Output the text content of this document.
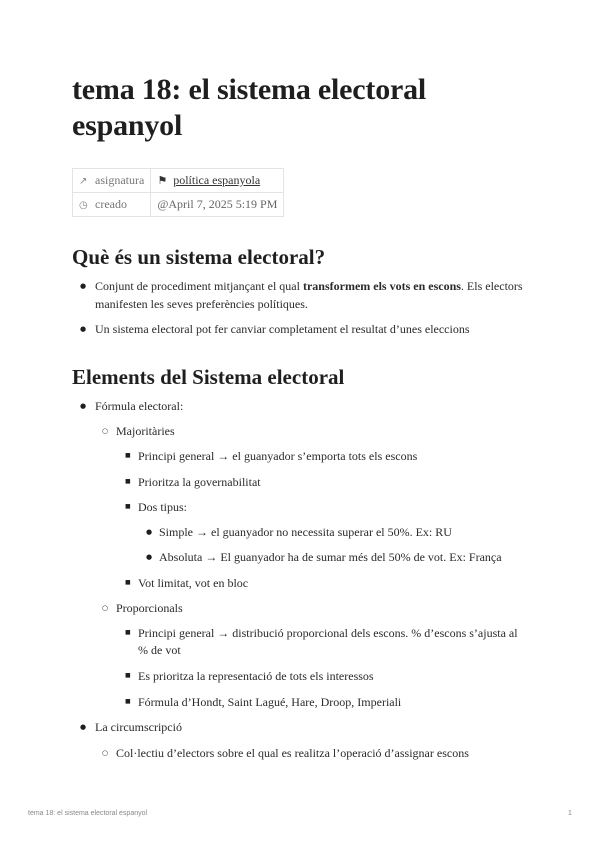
tema 18: el sistema electoral espanyol
↗ asignatura	⚑ política espanyola
◷ creado	@April 7, 2025 5:19 PM
Què és un sistema electoral?
● Conjunt de procediment mitjançant el qual transformem els vots en escons. Els electors
manifesten les seves preferències polítiques.
● Un sistema electoral pot fer canviar completament el resultat d’unes eleccions
Elements del Sistema electoral
● Fórmula electoral:
○ Majoritàries
■ Principi general → el guanyador s’emporta tots els escons
■ Prioritza la governabilitat
■ Dos tipus:
● Simple → el guanyador no necessita superar el 50%. Ex: RU
● Absoluta → El guanyador ha de sumar més del 50% de vot. Ex: França
■ Vot limitat, vot en bloc
○ Proporcionals
■ Principi general → distribució proporcional dels escons. % d’escons s’ajusta al
% de vot
■ Es prioritza la representació de tots els interessos
■ Fórmula d’Hondt, Saint Lagué, Hare, Droop, Imperiali
● La circumscripció
○ Col·lectiu d’electors sobre el qual es realitza l’operació d’assignar escons
tema 18: el sistema electoral espanyol	1
